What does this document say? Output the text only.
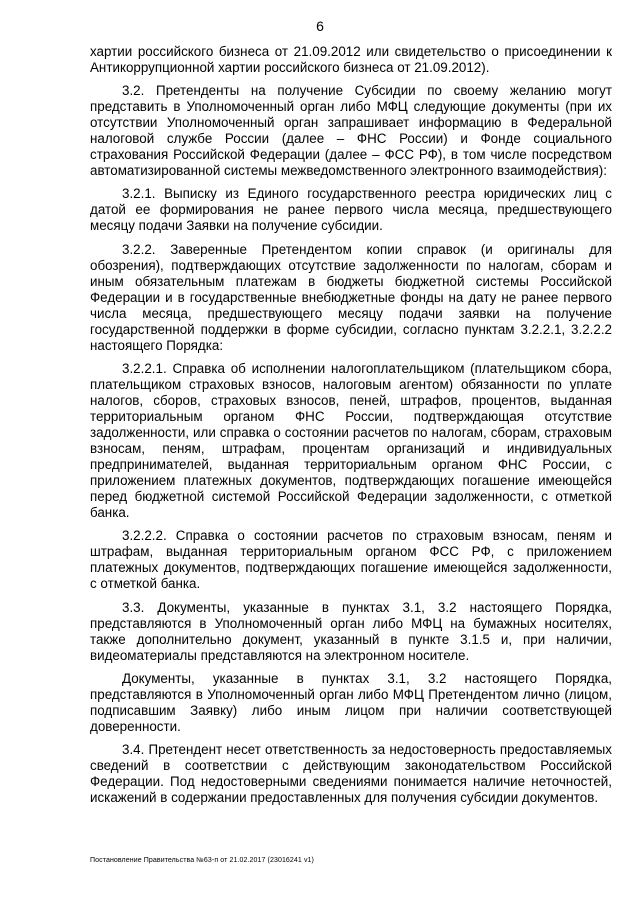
6

хартии российского бизнеса от 21.09.2012 или свидетельство о присоединении к Антикоррупционной хартии российского бизнеса от 21.09.2012).

3.2. Претенденты на получение Субсидии по своему желанию могут представить в Уполномоченный орган либо МФЦ следующие документы (при их отсутствии Уполномоченный орган запрашивает информацию в Федеральной налоговой службе России (далее – ФНС России) и Фонде социального страхования Российской Федерации (далее – ФСС РФ), в том числе посредством автоматизированной системы межведомственного электронного взаимодействия):

3.2.1. Выписку из Единого государственного реестра юридических лиц с датой ее формирования не ранее первого числа месяца, предшествующего месяцу подачи Заявки на получение субсидии.

3.2.2. Заверенные Претендентом копии справок (и оригиналы для обозрения), подтверждающих отсутствие задолженности по налогам, сборам и иным обязательным платежам в бюджеты бюджетной системы Российской Федерации и в государственные внебюджетные фонды на дату не ранее первого числа месяца, предшествующего месяцу подачи заявки на получение государственной поддержки в форме субсидии, согласно пунктам 3.2.2.1, 3.2.2.2 настоящего Порядка:

3.2.2.1. Справка об исполнении налогоплательщиком (плательщиком сбора, плательщиком страховых взносов, налоговым агентом) обязанности по уплате налогов, сборов, страховых взносов, пеней, штрафов, процентов, выданная территориальным органом ФНС России, подтверждающая отсутствие задолженности, или справка о состоянии расчетов по налогам, сборам, страховым взносам, пеням, штрафам, процентам организаций и индивидуальных предпринимателей, выданная территориальным органом ФНС России, с приложением платежных документов, подтверждающих погашение имеющейся перед бюджетной системой Российской Федерации задолженности, с отметкой банка.

3.2.2.2. Справка о состоянии расчетов по страховым взносам, пеням и штрафам, выданная территориальным органом ФСС РФ, с приложением платежных документов, подтверждающих погашение имеющейся задолженности, с отметкой банка.

3.3. Документы, указанные в пунктах 3.1, 3.2 настоящего Порядка, представляются в Уполномоченный орган либо МФЦ на бумажных носителях, также дополнительно документ, указанный в пункте 3.1.5 и, при наличии, видеоматериалы представляются на электронном носителе.

Документы, указанные в пунктах 3.1, 3.2 настоящего Порядка, представляются в Уполномоченный орган либо МФЦ Претендентом лично (лицом, подписавшим Заявку) либо иным лицом при наличии соответствующей доверенности.

3.4. Претендент несет ответственность за недостоверность предоставляемых сведений в соответствии с действующим законодательством Российской Федерации. Под недостоверными сведениями понимается наличие неточностей, искажений в содержании предоставленных для получения субсидии документов.

Постановление Правительства №63-п от 21.02.2017 (23016241 v1)
